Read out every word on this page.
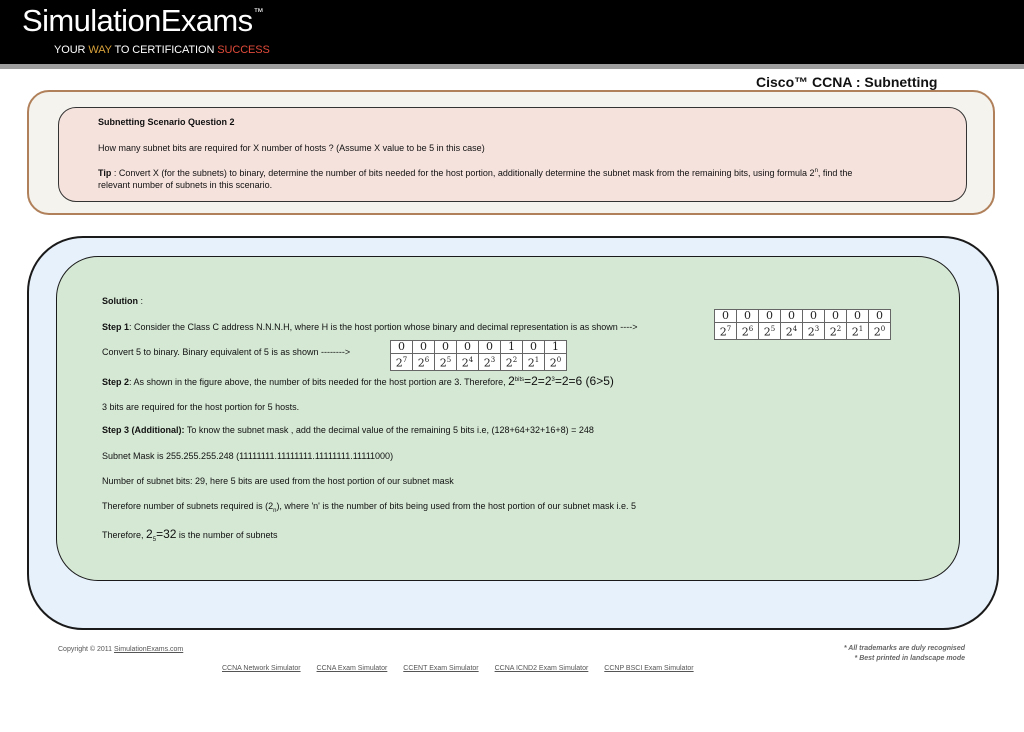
SimulationExams™
YOUR WAY TO CERTIFICATION SUCCESS
Cisco™ CCNA : Subnetting
Subnetting Scenario Question 2
How many subnet bits are required for X number of hosts ? (Assume X value to be 5 in this case)
Tip : Convert X (for the subnets) to binary, determine the number of bits needed for the host portion, additionally determine the subnet mask from the remaining bits, using formula 2$^n$, find the
relevant number of subnets in this scenario.
Solution :
Step 1: Consider the Class C address N.N.N.H, where H is the host portion whose binary and decimal representation is as shown ---->
0	0	0	0	0	0	0	0
$2^7$	$2^6$	$2^5$	$2^4$	$2^3$	$2^2$	$2^1$	$2^0$
Convert 5 to binary. Binary equivalent of 5 is as shown -------->	0	0	0	0	0	1	0	1
$2^7$	$2^6$	$2^5$	$2^4$	$2^3$	$2^2$	$2^1$	$2^0$
Step 2: As shown in the figure above, the number of bits needed for the host portion are 3. Therefore, $2^{bits}=2=2^3=2=6$ (6>5)
3 bits are required for the host portion for 5 hosts.
Step 3 (Additional): To know the subnet mask , add the decimal value of the remaining 5 bits i.e, (128+64+32+16+8) = 248
Subnet Mask is 255.255.255.248 (11111111.11111111.11111111.11111000)
Number of subnet bits: 29, here 5 bits are used from the host portion of our subnet mask
Therefore number of subnets required is $(2_n)$, where 'n' is the number of bits being used from the host portion of our subnet mask i.e. 5
Therefore, $2_5=32$ is the number of subnets
Copyright © 2011 SimulationExams.com	* All trademarks are duly recognised
* Best printed in landscape mode
CCNA Network Simulator CCNA Exam Simulator CCENT Exam Simulator CCNA ICND2 Exam Simulator CCNP BSCI Exam Simulator
